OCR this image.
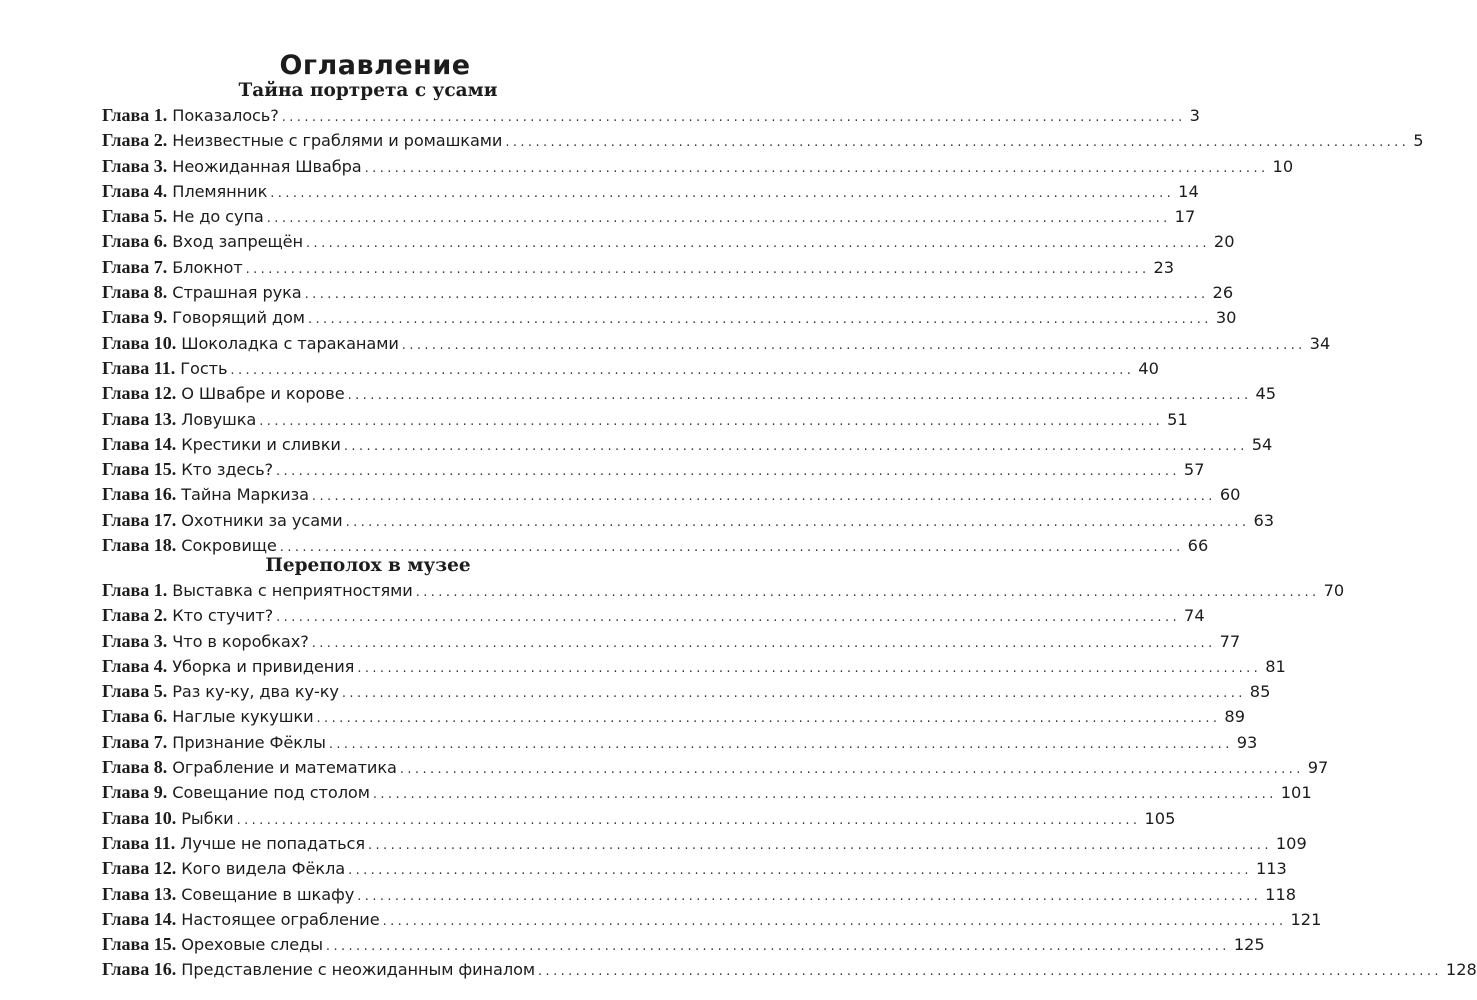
Оглавление
Тайна портрета с усами
Глава 1. Показалось? ........................................................................................................................ 3
Глава 2. Неизвестные с граблями и ромашками ........................................................................................................................ 5
Глава 3. Неожиданная Швабра ........................................................................................................................ 10
Глава 4. Племянник ........................................................................................................................ 14
Глава 5. Не до супа ........................................................................................................................ 17
Глава 6. Вход запрещён ........................................................................................................................ 20
Глава 7. Блокнот ........................................................................................................................ 23
Глава 8. Страшная рука ........................................................................................................................ 26
Глава 9. Говорящий дом ........................................................................................................................ 30
Глава 10. Шоколадка с тараканами ........................................................................................................................ 34
Глава 11. Гость ........................................................................................................................ 40
Глава 12. О Швабре и корове ........................................................................................................................ 45
Глава 13. Ловушка ........................................................................................................................ 51
Глава 14. Крестики и сливки ........................................................................................................................ 54
Глава 15. Кто здесь? ........................................................................................................................ 57
Глава 16. Тайна Маркиза ........................................................................................................................ 60
Глава 17. Охотники за усами ........................................................................................................................ 63
Глава 18. Сокровище ........................................................................................................................ 66
Переполох в музее
Глава 1. Выставка с неприятностями ........................................................................................................................ 70
Глава 2. Кто стучит? ........................................................................................................................ 74
Глава 3. Что в коробках? ........................................................................................................................ 77
Глава 4. Уборка и привидения ........................................................................................................................ 81
Глава 5. Раз ку-ку, два ку-ку ........................................................................................................................ 85
Глава 6. Наглые кукушки ........................................................................................................................ 89
Глава 7. Признание Фёклы ........................................................................................................................ 93
Глава 8. Ограбление и математика ........................................................................................................................ 97
Глава 9. Совещание под столом ........................................................................................................................ 101
Глава 10. Рыбки ........................................................................................................................ 105
Глава 11. Лучше не попадаться ........................................................................................................................ 109
Глава 12. Кого видела Фёкла ........................................................................................................................ 113
Глава 13. Совещание в шкафу ........................................................................................................................ 118
Глава 14. Настоящее ограбление ........................................................................................................................ 121
Глава 15. Ореховые следы ........................................................................................................................ 125
Глава 16. Представление с неожиданным финалом ........................................................................................................................ 128
